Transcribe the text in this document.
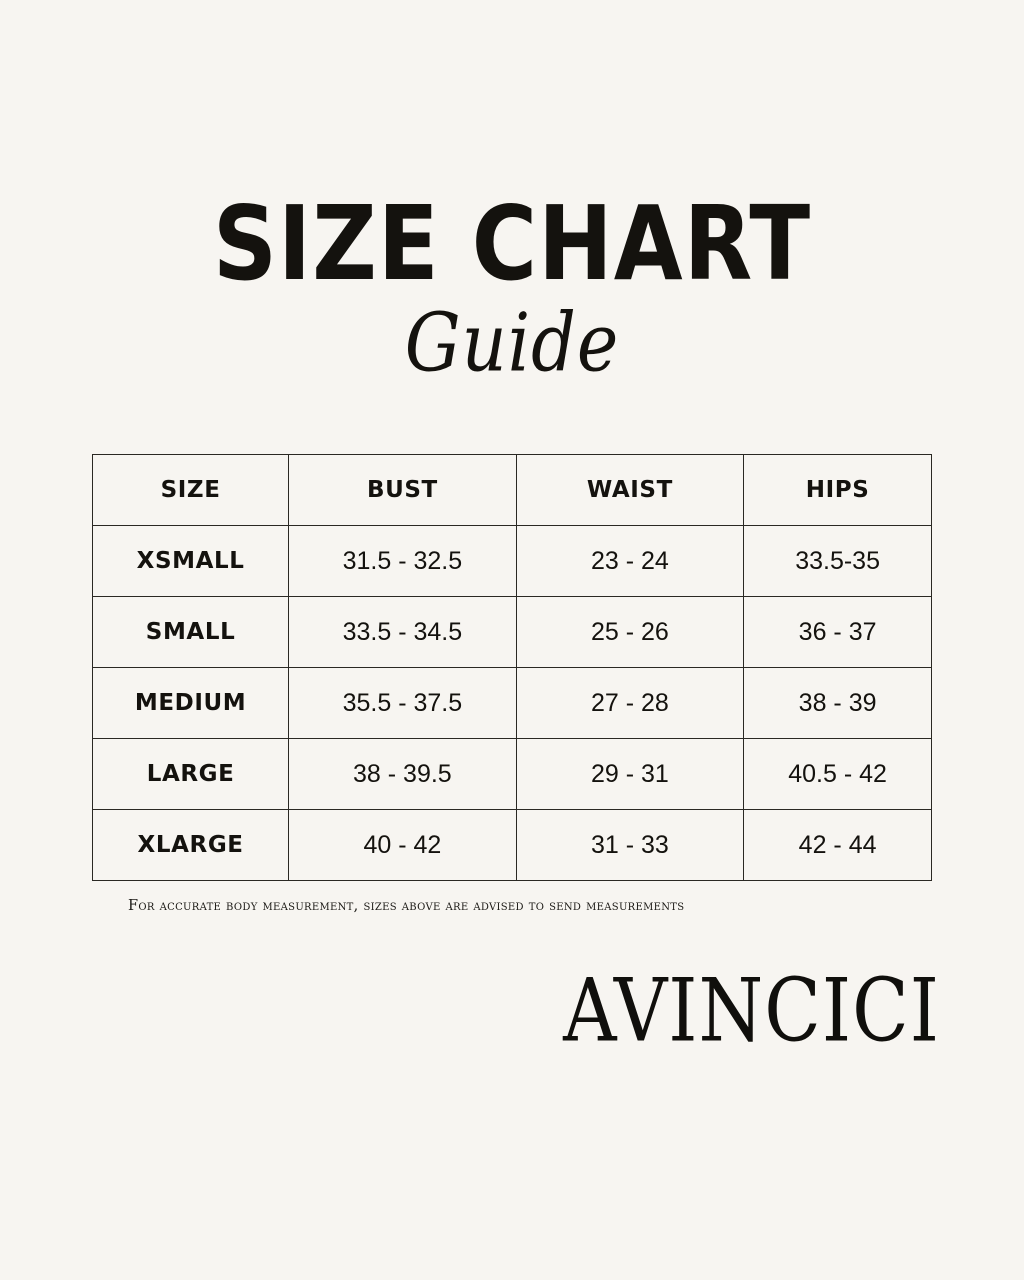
SIZE CHART
Guide
SIZE	BUST	WAIST	HIPS
XSMALL	31.5 - 32.5	23 - 24	33.5-35
SMALL	33.5 - 34.5	25 - 26	36 - 37
MEDIUM	35.5 - 37.5	27 - 28	38 - 39
LARGE	38 - 39.5	29 - 31	40.5 - 42
XLARGE	40 - 42	31 - 33	42 - 44
For accurate body measurement, sizes above are advised to send measurements
AVINCICI
